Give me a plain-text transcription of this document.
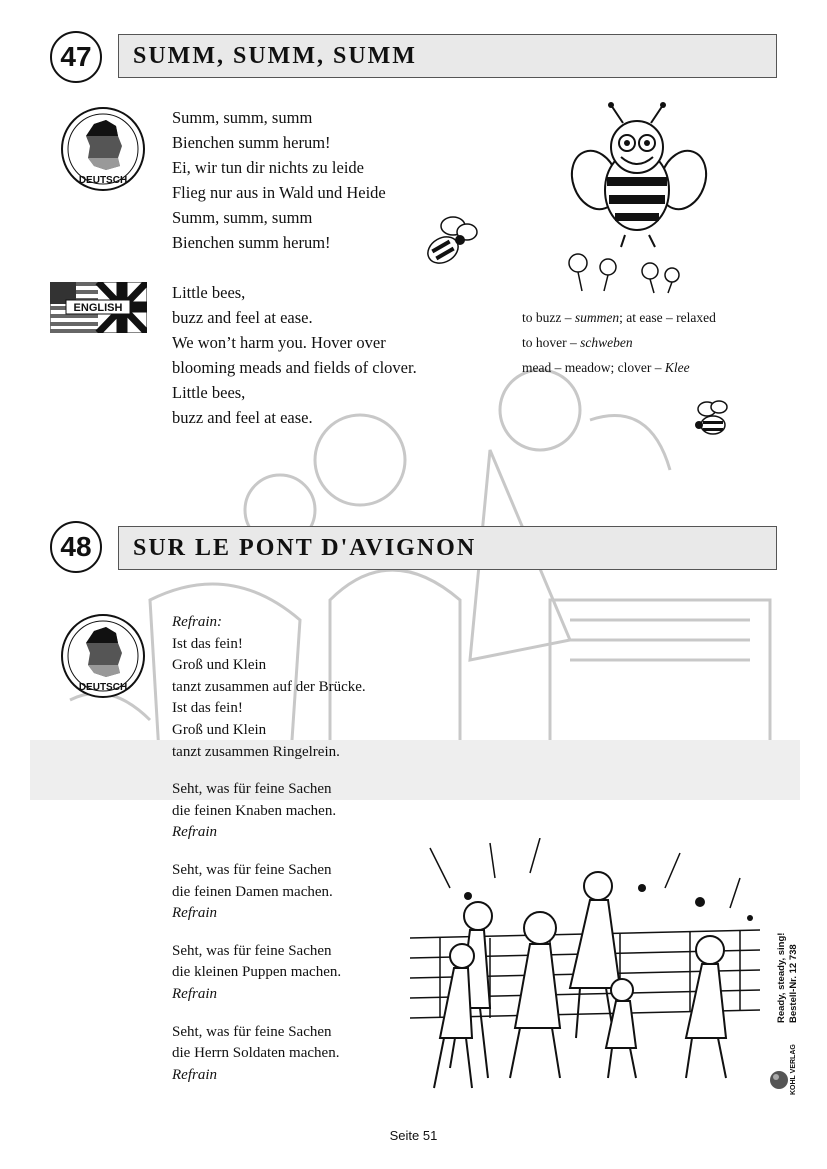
47 SUMM, SUMM, SUMM
DEUTSCH
Summ, summ, summ
Bienchen summ herum!
Ei, wir tun dir nichts zu leide
Flieg nur aus in Wald und Heide
Summ, summ, summ
Bienchen summ herum!
ENGLISH
Little bees,
buzz and feel at ease.
We won’t harm you. Hover over
blooming meads and fields of clover.
Little bees,
buzz and feel at ease.
to buzz – summen; at ease – relaxed
to hover – schweben
mead – meadow; clover – Klee
48 SUR LE PONT D'AVIGNON
DEUTSCH
Refrain:
Ist das fein!
Groß und Klein
tanzt zusammen auf der Brücke.
Ist das fein!
Groß und Klein
tanzt zusammen Ringelrein.
Seht, was für feine Sachen
die feinen Knaben machen.
Refrain
Seht, was für feine Sachen
die feinen Damen machen.
Refrain
Seht, was für feine Sachen
die kleinen Puppen machen.
Refrain
Seht, was für feine Sachen
die Herrn Soldaten machen.
Refrain
Ready, steady, sing! Bestell-Nr. 12 738
KOHL VERLAG
Seite 51
